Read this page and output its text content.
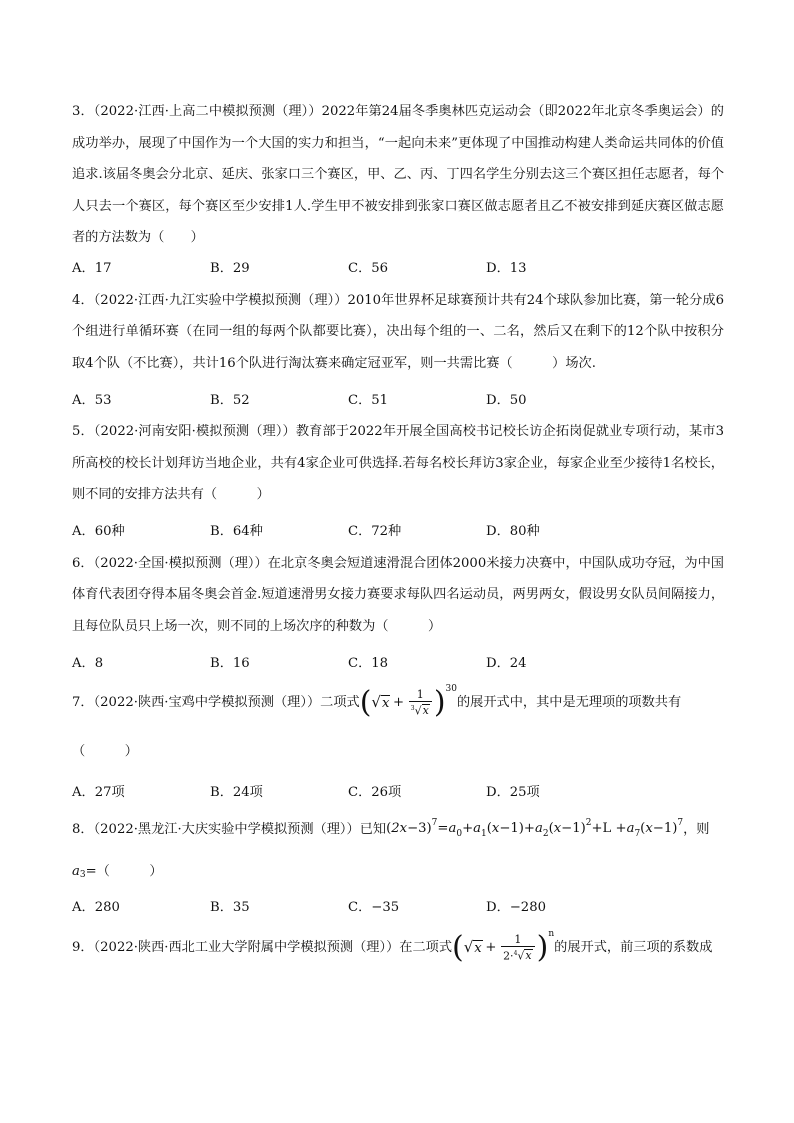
3．（2022·江西·上高二中模拟预测（理））2022年第24届冬季奥林匹克运动会（即2022年北京冬季奥运会）的成功举办，展现了中国作为一个大国的实力和担当，“一起向未来”更体现了中国推动构建人类命运共同体的价值追求.该届冬奥会分北京、延庆、张家口三个赛区，甲、乙、丙、丁四名学生分别去这三个赛区担任志愿者，每个人只去一个赛区，每个赛区至少安排1人.学生甲不被安排到张家口赛区做志愿者且乙不被安排到延庆赛区做志愿者的方法数为（　　）
A．17	B．29	C．56	D．13
4．（2022·江西·九江实验中学模拟预测（理））2010年世界杯足球赛预计共有24个球队参加比赛，第一轮分成6个组进行单循环赛（在同一组的每两个队都要比赛），决出每个组的一、二名，然后又在剩下的12个队中按积分取4个队（不比赛），共计16个队进行淘汰赛来确定冠亚军，则一共需比赛（　　　）场次.
A．53	B．52	C．51	D．50
5．（2022·河南安阳·模拟预测（理））教育部于2022年开展全国高校书记校长访企拓岗促就业专项行动，某市3所高校的校长计划拜访当地企业，共有4家企业可供选择.若每名校长拜访3家企业，每家企业至少接待1名校长，则不同的安排方法共有（　　　）
A．60种	B．64种	C．72种	D．80种
6．（2022·全国·模拟预测（理））在北京冬奥会短道速滑混合团体2000米接力决赛中，中国队成功夺冠，为中国体育代表团夺得本届冬奥会首金.短道速滑男女接力赛要求每队四名运动员，两男两女，假设男女队员间隔接力，且每位队员只上场一次，则不同的上场次序的种数为（　　　）
A．8	B．16	C．18	D．24
7．（2022·陕西·宝鸡中学模拟预测（理））二项式 ( √ $x + \frac{1}{^3√ x}$ ) 30
的展开式中，其中是无理项的项数共有
（　　　）
A．27项	B．24项	C．26项	D．25项
8．（2022·黑龙江·大庆实验中学模拟预测（理））已知 $(2x-3)^7=a_0+a_1(x-1)+a_2(x-1)^2+L +a_7(x-1)^7$ ，则
a 3 =（　　　）
A．280	B．35	C．−35	D．−280
9．（2022·陕西·西北工业大学附属中学模拟预测（理））在二项式 ( √ $x + \frac{1}{2\cdot ^4√ x}$ ) n
的展开式，前三项的系数成
